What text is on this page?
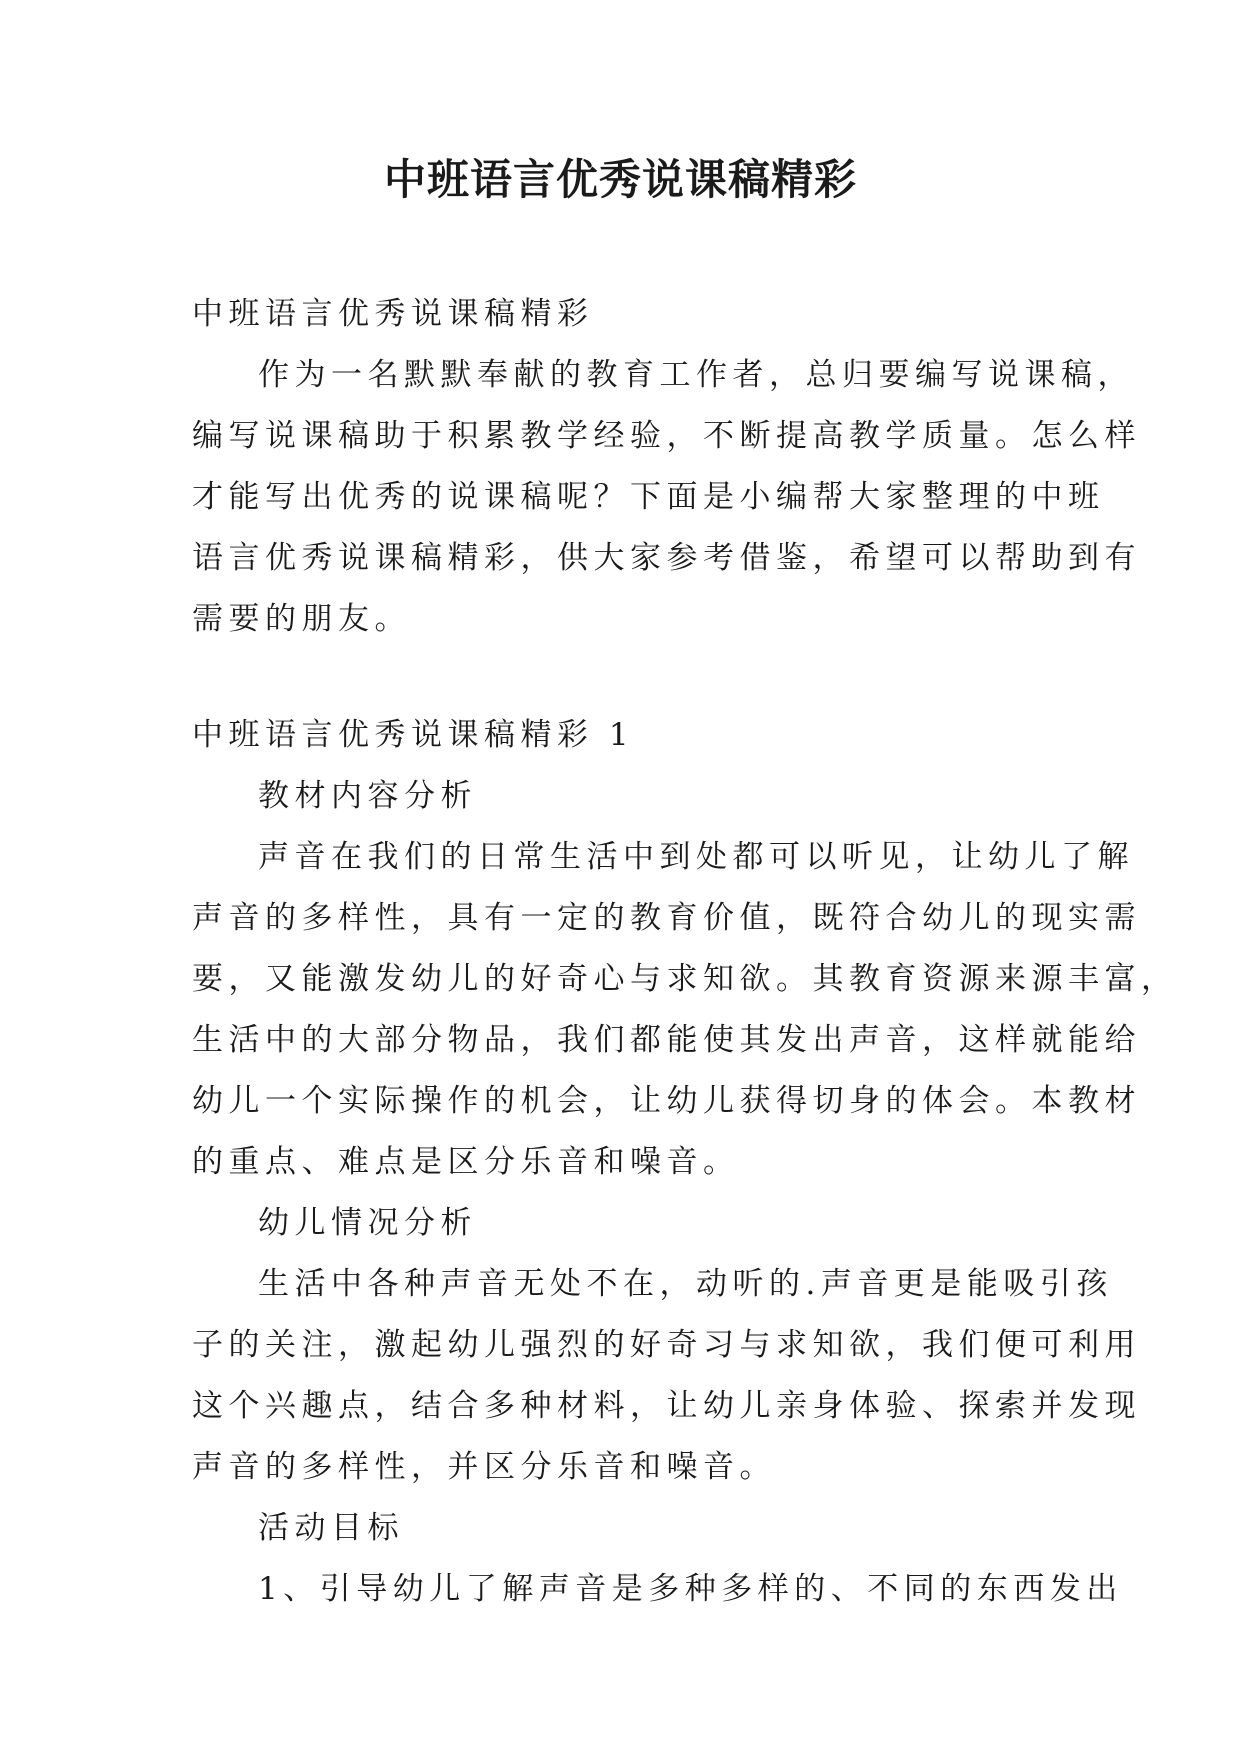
中班语言优秀说课稿精彩

中班语言优秀说课稿精彩

作为一名默默奉献的教育工作者，总归要编写说课稿，

编写说课稿助于积累教学经验，不断提高教学质量。怎么样

才能写出优秀的说课稿呢？下面是小编帮大家整理的中班

语言优秀说课稿精彩，供大家参考借鉴，希望可以帮助到有

需要的朋友。

中班语言优秀说课稿精彩 1

教材内容分析

声音在我们的日常生活中到处都可以听见，让幼儿了解

声音的多样性，具有一定的教育价值，既符合幼儿的现实需

要，又能激发幼儿的好奇心与求知欲。其教育资源来源丰富，

生活中的大部分物品，我们都能使其发出声音，这样就能给

幼儿一个实际操作的机会，让幼儿获得切身的体会。本教材

的重点、难点是区分乐音和噪音。

幼儿情况分析

生活中各种声音无处不在，动听的.声音更是能吸引孩

子的关注，激起幼儿强烈的好奇习与求知欲，我们便可利用

这个兴趣点，结合多种材料，让幼儿亲身体验、探索并发现

声音的多样性，并区分乐音和噪音。

活动目标

1、引导幼儿了解声音是多种多样的、不同的东西发出
